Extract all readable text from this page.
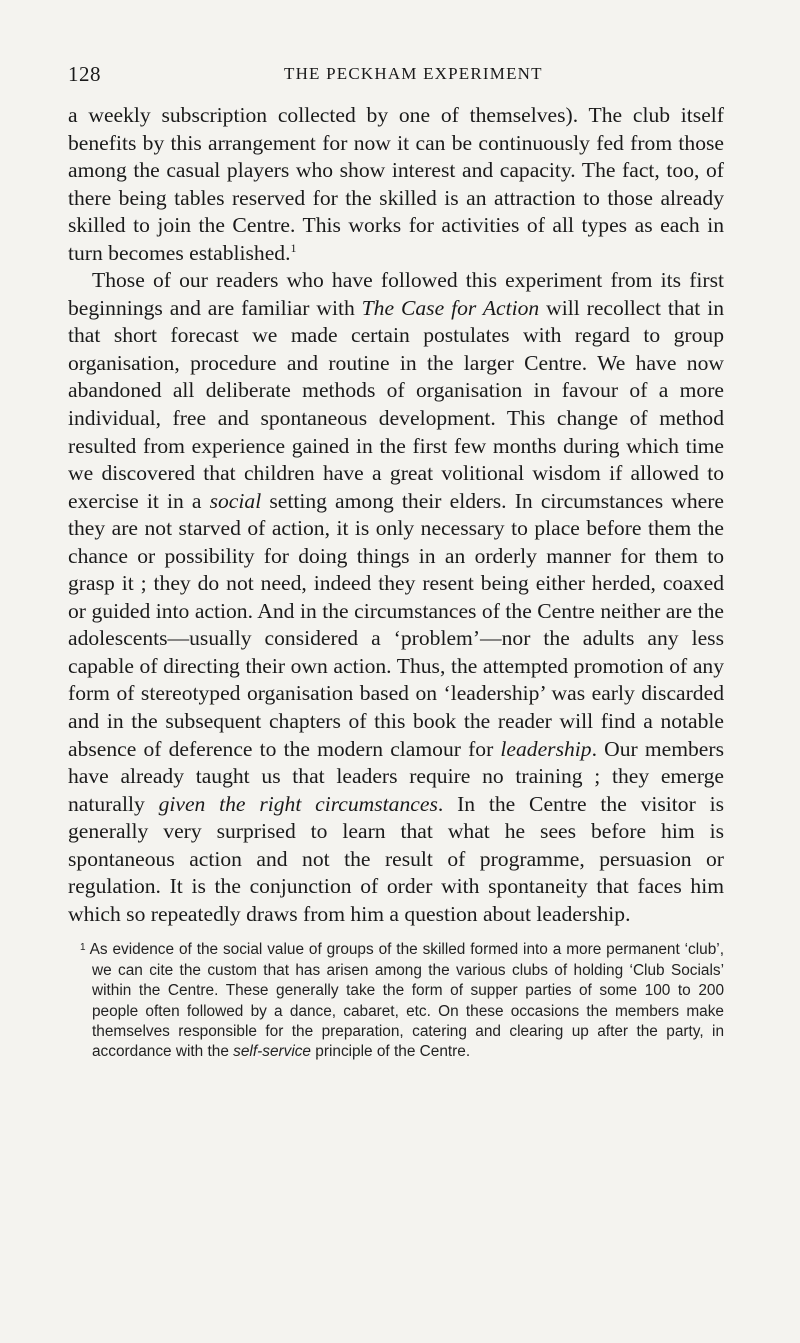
128	THE PECKHAM EXPERIMENT

a weekly subscription collected by one of themselves). The club itself benefits by this arrangement for now it can be continuously fed from those among the casual players who show interest and capacity. The fact, too, of there being tables reserved for the skilled is an attraction to those already skilled to join the Centre. This works for activities of all types as each in turn becomes established.$^1$

Those of our readers who have followed this experiment from its first beginnings and are familiar with The Case for Action will recollect that in that short forecast we made certain postulates with regard to group organisation, procedure and routine in the larger Centre. We have now abandoned all deliberate methods of organisation in favour of a more individual, free and spontaneous development. This change of method resulted from experience gained in the first few months during which time we discovered that children have a great volitional wisdom if allowed to exercise it in a social setting among their elders. In circumstances where they are not starved of action, it is only necessary to place before them the chance or possibility for doing things in an orderly manner for them to grasp it ; they do not need, indeed they resent being either herded, coaxed or guided into action. And in the circumstances of the Centre neither are the adolescents—usually considered a ‘problem’—nor the adults any less capable of directing their own action. Thus, the attempted promotion of any form of stereotyped organisation based on ‘leadership’ was early discarded and in the subsequent chapters of this book the reader will find a notable absence of deference to the modern clamour for leadership. Our members have already taught us that leaders require no training ; they emerge naturally given the right circumstances. In the Centre the visitor is generally very surprised to learn that what he sees before him is spontaneous action and not the result of programme, persuasion or regulation. It is the conjunction of order with spontaneity that faces him which so repeatedly draws from him a question about leadership.

$^1$ As evidence of the social value of groups of the skilled formed into a more permanent ‘club’, we can cite the custom that has arisen among the various clubs of holding ‘Club Socials’ within the Centre. These generally take the form of supper parties of some 100 to 200 people often followed by a dance, cabaret, etc. On these occasions the members make themselves responsible for the preparation, catering and clearing up after the party, in accordance with the self-service principle of the Centre.
